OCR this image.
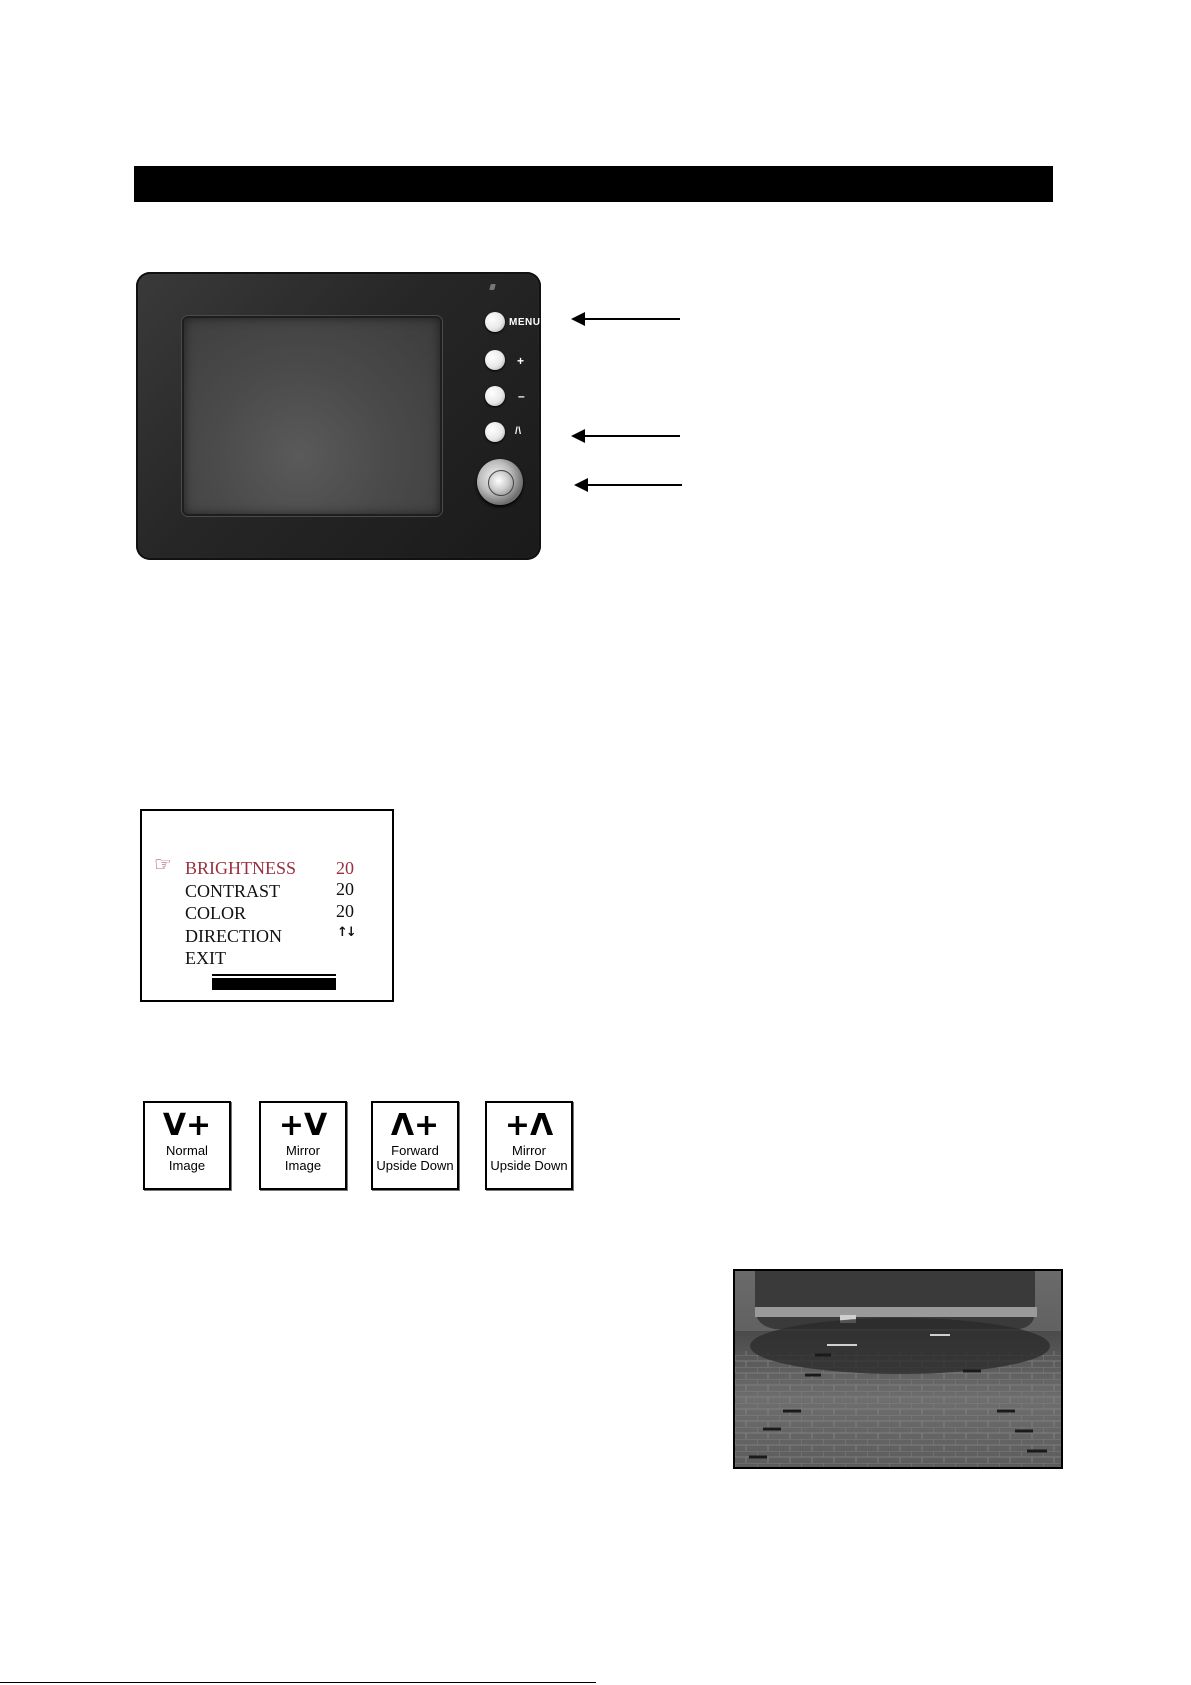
MENU
+
–
/\
☞ BRIGHTNESS 20
CONTRAST	20
COLOR	20
DIRECTION	↑↓
EXIT
V+
Normal
Image
+V
Mirror
Image
Λ+
Forward
Upside Down
+Λ
Mirror
Upside Down
